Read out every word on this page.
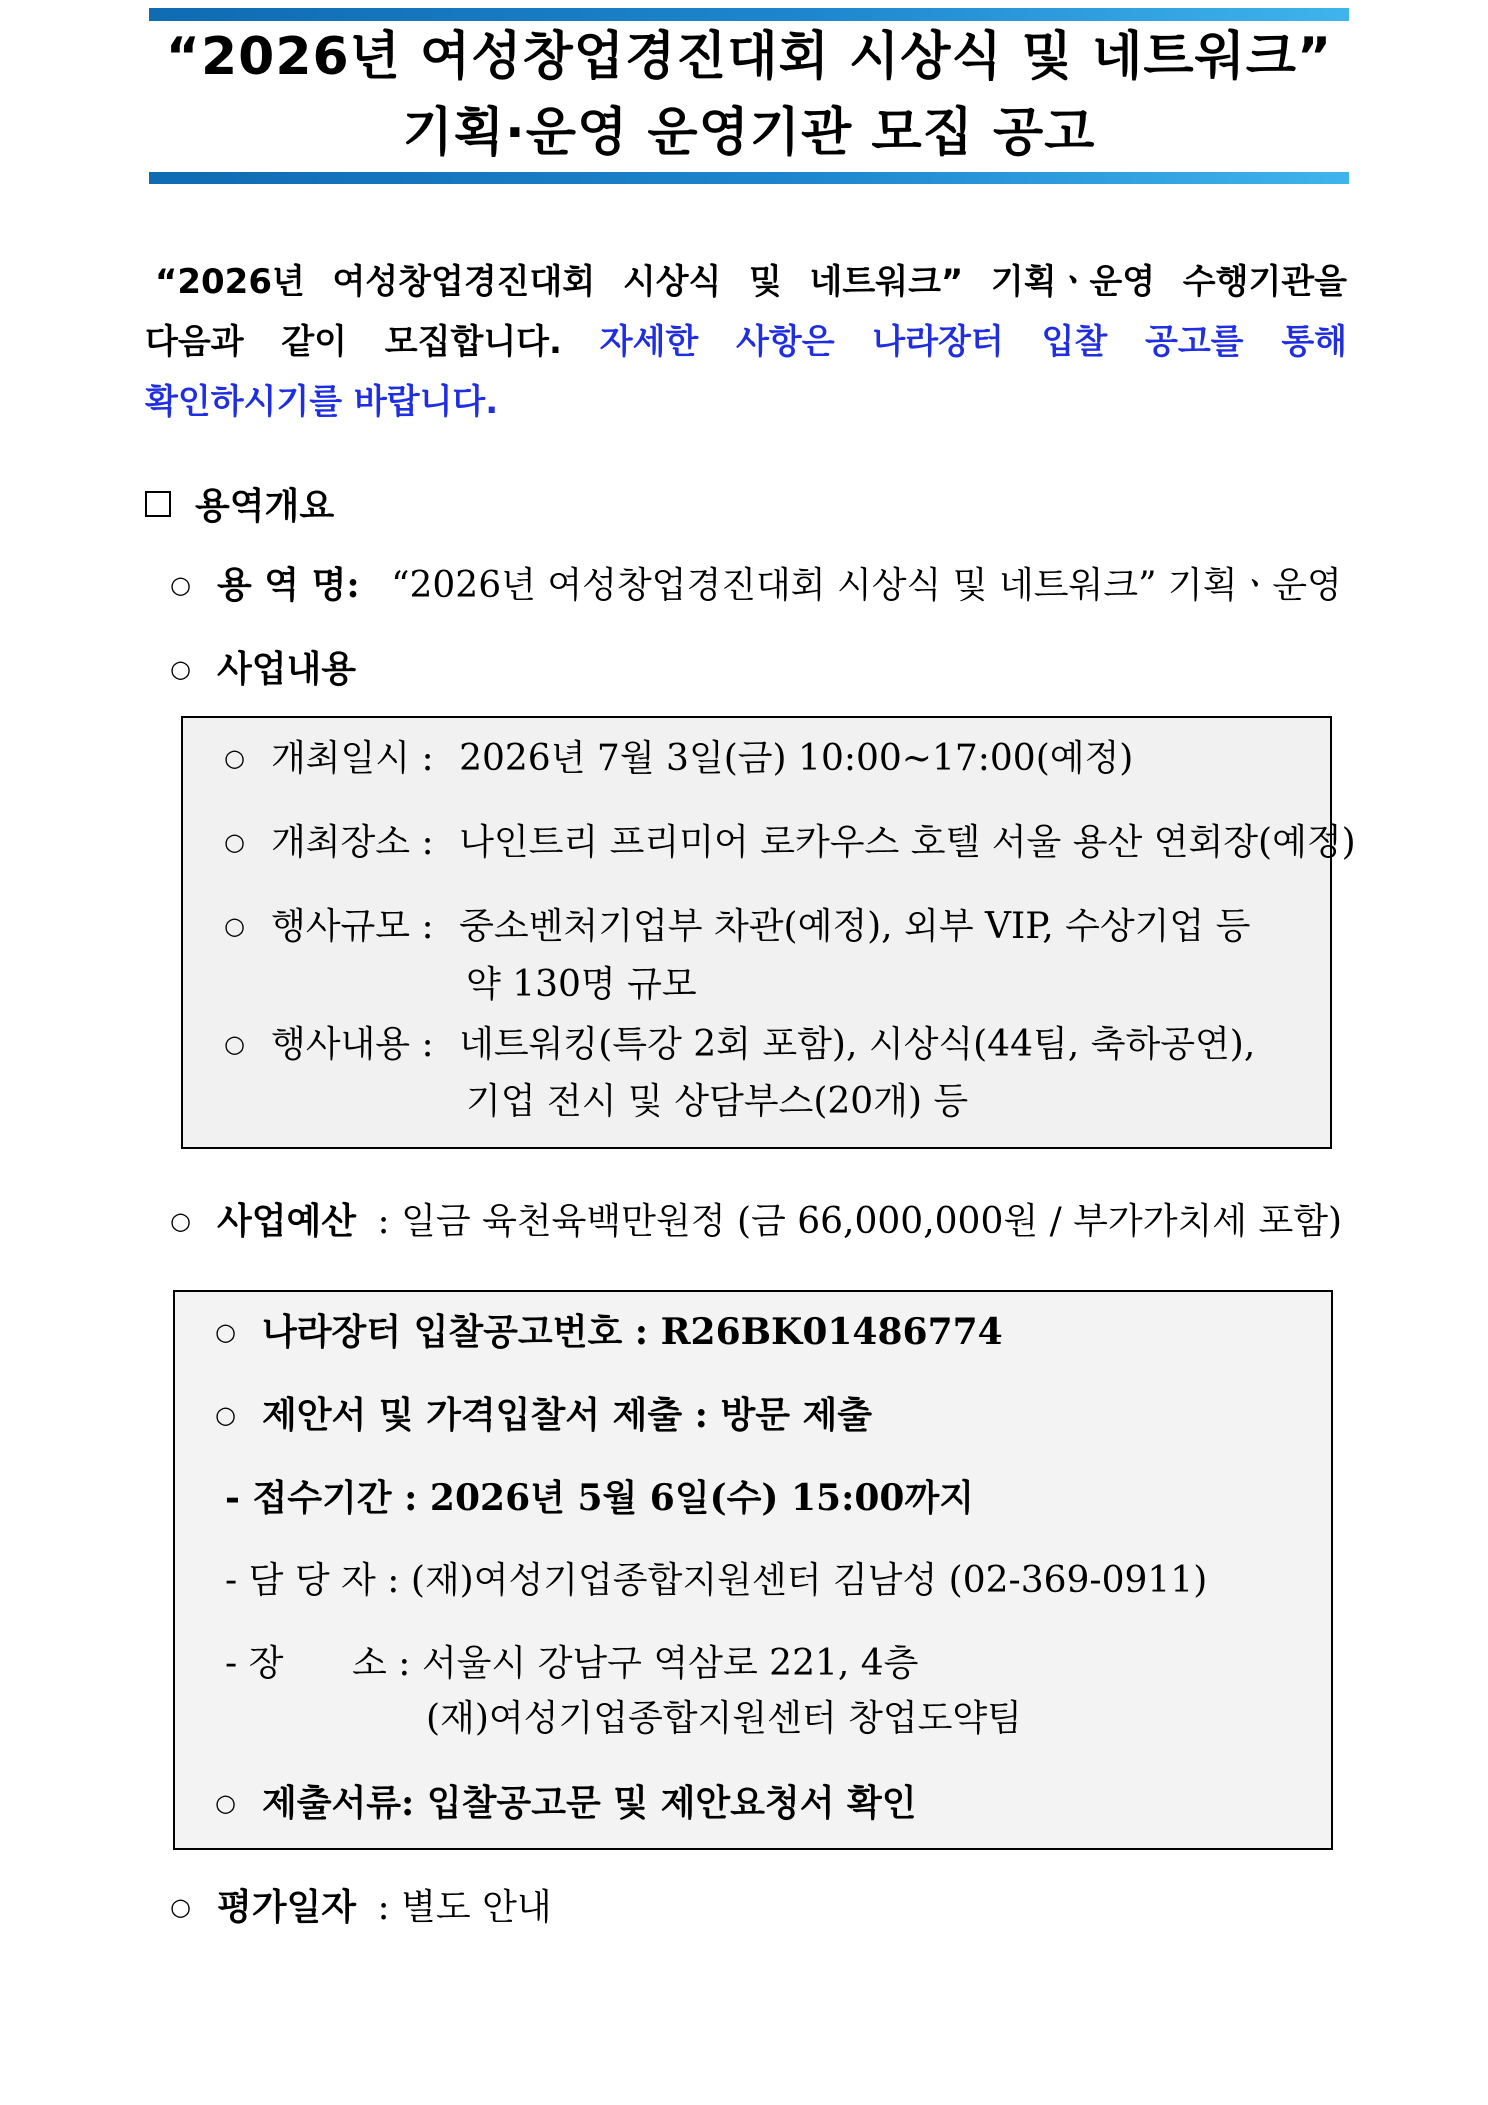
“2026년 여성창업경진대회 시상식 및 네트워크”
기획·운영 운영기관 모집 공고
“2026년 여성창업경진대회 시상식 및 네트워크” 기획ㆍ운영 수행기관을
다음과 같이 모집합니다. 자세한 사항은 나라장터 입찰 공고를 통해
확인하시기를 바랍니다.
용역개요
○ 용 역 명: “2026년 여성창업경진대회 시상식 및 네트워크” 기획ㆍ운영
○ 사업내용
○ 개최일시 : 2026년 7월 3일(금) 10:00~17:00(예정)
○ 개최장소 : 나인트리 프리미어 로카우스 호텔 서울 용산 연회장(예정)
○ 행사규모 : 중소벤처기업부 차관(예정), 외부 VIP, 수상기업 등
약 130명 규모
○ 행사내용 : 네트워킹(특강 2회 포함), 시상식(44팀, 축하공연),
기업 전시 및 상담부스(20개) 등
○ 사업예산 : 일금 육천육백만원정 (금 66,000,000원 / 부가가치세 포함)
○ 나라장터 입찰공고번호 : R26BK01486774
○ 제안서 및 가격입찰서 제출 : 방문 제출
- 접수기간 : 2026년 5월 6일(수) 15:00까지
- 담 당 자 : (재)여성기업종합지원센터 김남성 (02-369-0911)
- 장      소 : 서울시 강남구 역삼로 221, 4층
(재)여성기업종합지원센터 창업도약팀
○ 제출서류: 입찰공고문 및 제안요청서 확인
○ 평가일자 : 별도 안내
